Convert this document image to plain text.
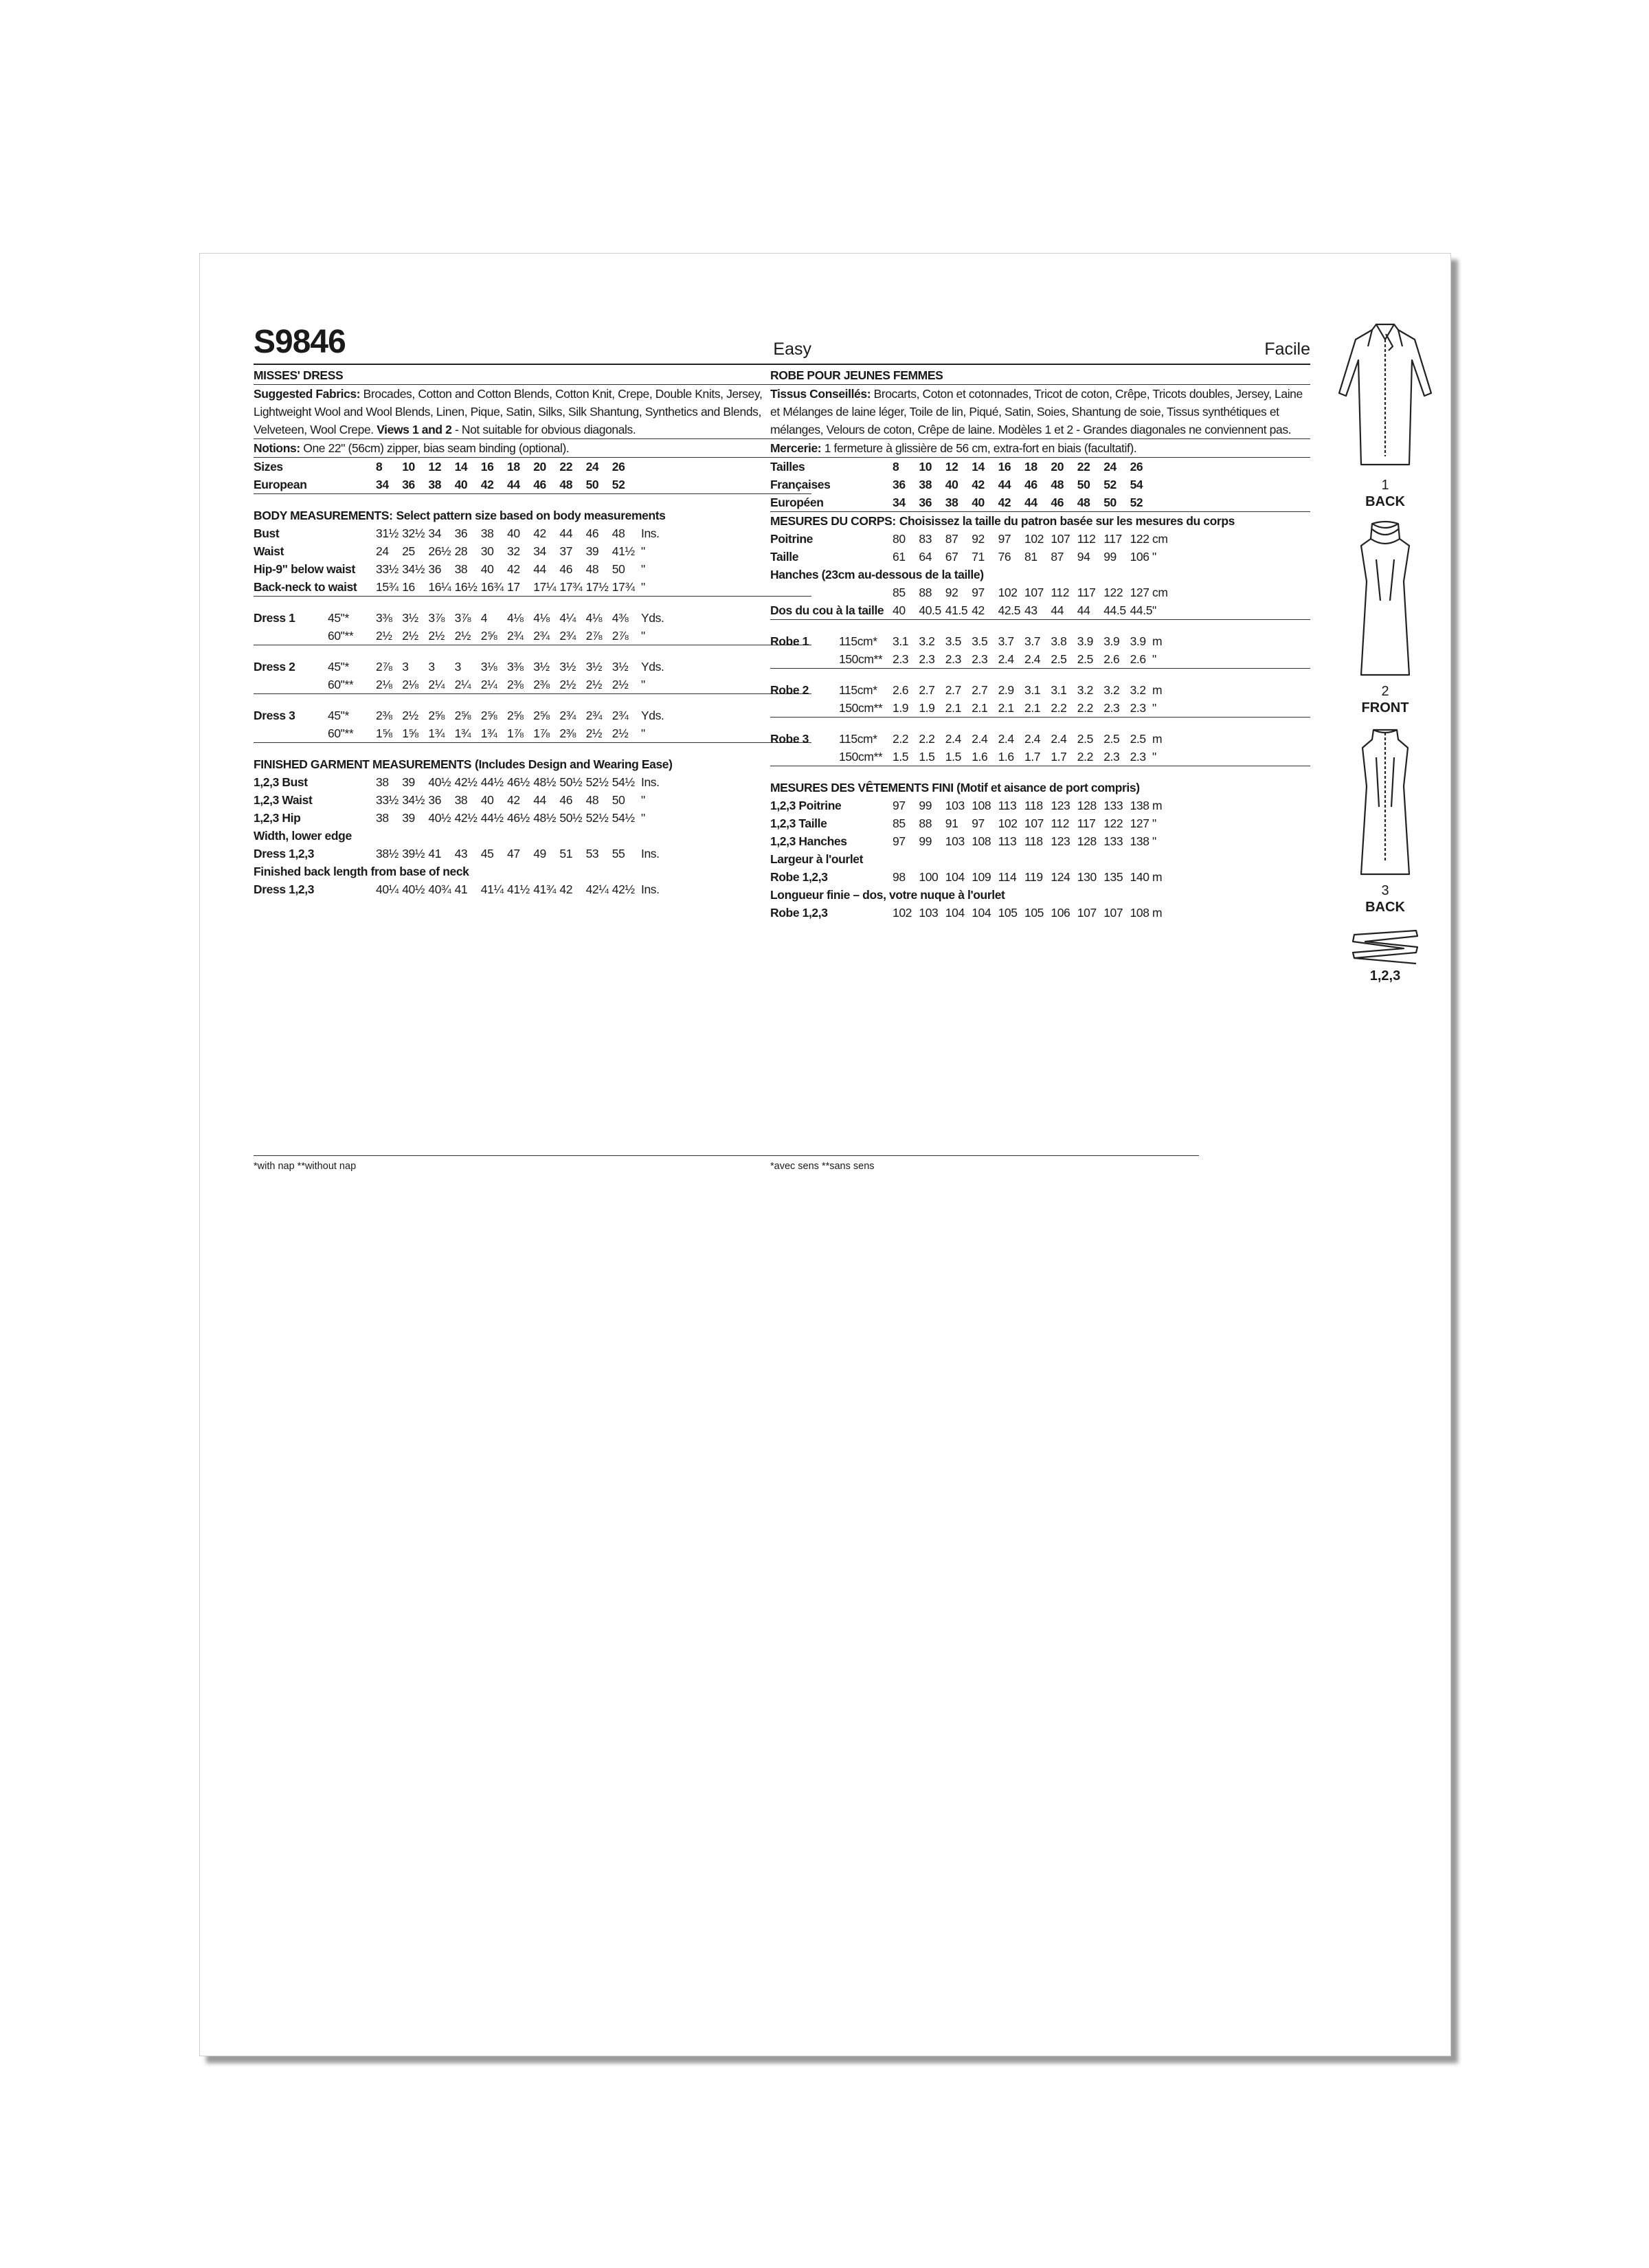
S9846	Easy
MISSES' DRESS
Suggested Fabrics: Brocades, Cotton and Cotton Blends, Cotton Knit, Crepe, Double Knits, Jersey, Lightweight Wool and Wool Blends, Linen, Pique, Satin, Silks, Silk Shantung, Synthetics and Blends, Velveteen, Wool Crepe. Views 1 and 2 - Not suitable for obvious diagonals.
Notions: One 22" (56cm) zipper, bias seam binding (optional).
Sizes	8 10 12 14 16 18 20 22 24 26
European	34 36 38 40 42 44 46 48 50 52
BODY MEASUREMENTS: Select pattern size based on body measurements
Bust	31½ 32½ 34 36 38 40 42 44 46 48 Ins.
Waist	24 25 26½ 28 30 32 34 37 39 41½ "
Hip-9" below waist 33½ 34½ 36 38 40 42 44 46 48 50 "
Back-neck to waist 15¾ 16 16¼ 16½ 16¾ 17 17¼ 17¾ 17½ 17¾ "
Dress 1	45"* 3⅜ 3½ 3⅞ 3⅞ 4 4⅛ 4⅛ 4¼ 4⅛ 4⅜ Yds.
60"** 2½ 2½ 2½ 2½ 2⅝ 2¾ 2¾ 2¾ 2⅞ 2⅞ "
Dress 2	45"* 2⅞ 3 3 3 3⅛ 3⅜ 3½ 3½ 3½ 3½ Yds.
60"** 2⅛ 2⅛ 2¼ 2¼ 2¼ 2⅜ 2⅜ 2½ 2½ 2½ "
Dress 3	45"* 2⅜ 2½ 2⅝ 2⅝ 2⅝ 2⅝ 2⅝ 2¾ 2¾ 2¾ Yds.
60"** 1⅝ 1⅝ 1¾ 1¾ 1¾ 1⅞ 1⅞ 2⅜ 2½ 2½ "
FINISHED GARMENT MEASUREMENTS (Includes Design and Wearing Ease)
1,2,3 Bust	38 39 40½ 42½ 44½ 46½ 48½ 50½ 52½ 54½ Ins.
1,2,3 Waist	33½ 34½ 36 38 40 42 44 46 48 50 "
1,2,3 Hip	38 39 40½ 42½ 44½ 46½ 48½ 50½ 52½ 54½ "
Width, lower edge
Dress 1,2,3	38½ 39½ 41 43 45 47 49 51 53 55 Ins.
Finished back length from base of neck
Dress 1,2,3	40¼ 40½ 40¾ 41 41¼ 41½ 41¾ 42 42¼ 42½ Ins.
Facile
ROBE POUR JEUNES FEMMES
Tissus Conseillés: Brocarts, Coton et cotonnades, Tricot de coton, Crêpe, Tricots doubles, Jersey, Laine et Mélanges de laine léger, Toile de lin, Piqué, Satin, Soies, Shantung de soie, Tissus synthétiques et mélanges, Velours de coton, Crêpe de laine. Modèles 1 et 2 - Grandes diagonales ne conviennent pas.
Mercerie: 1 fermeture à glissière de 56 cm, extra-fort en biais (facultatif).
Tailles	8 10 12 14 16 18 20 22 24 26
Françaises	36 38 40 42 44 46 48 50 52 54
Européen	34 36 38 40 42 44 46 48 50 52
MESURES DU CORPS: Choisissez la taille du patron basée sur les mesures du corps
Poitrine	80 83 87 92 97 102 107 112 117 122 cm
Taille	61 64 67 71 76 81 87 94 99 106 "
Hanches (23cm au-dessous de la taille)
85 88 92 97 102 107 112 117 122 127 cm
Dos du cou à la taille 40 40.5 41.5 42 42.5 43 44 44 44.5 44.5 "
Robe 1	115cm* 3.1 3.2 3.5 3.5 3.7 3.7 3.8 3.9 3.9 3.9 m
150cm** 2.3 2.3 2.3 2.3 2.4 2.4 2.5 2.5 2.6 2.6 "
Robe 2	115cm* 2.6 2.7 2.7 2.7 2.9 3.1 3.1 3.2 3.2 3.2 m
150cm** 1.9 1.9 2.1 2.1 2.1 2.1 2.2 2.2 2.3 2.3 "
Robe 3	115cm* 2.2 2.2 2.4 2.4 2.4 2.4 2.4 2.5 2.5 2.5 m
150cm** 1.5 1.5 1.5 1.6 1.6 1.7 1.7 2.2 2.3 2.3 "
MESURES DES VÊTEMENTS FINI (Motif et aisance de port compris)
1,2,3 Poitrine	97 99 103 108 113 118 123 128 133 138 m
1,2,3 Taille	85 88 91 97 102 107 112 117 122 127 "
1,2,3 Hanches	97 99 103 108 113 118 123 128 133 138 "
Largeur à l'ourlet
Robe 1,2,3	98 100 104 109 114 119 124 130 135 140 m
Longueur finie – dos, votre nuque à l'ourlet
Robe 1,2,3	102 103 104 104 105 105 106 107 107 108 m
*with nap **without nap	*avec sens **sans sens
1
BACK
2
FRONT
3
BACK
1,2,3
